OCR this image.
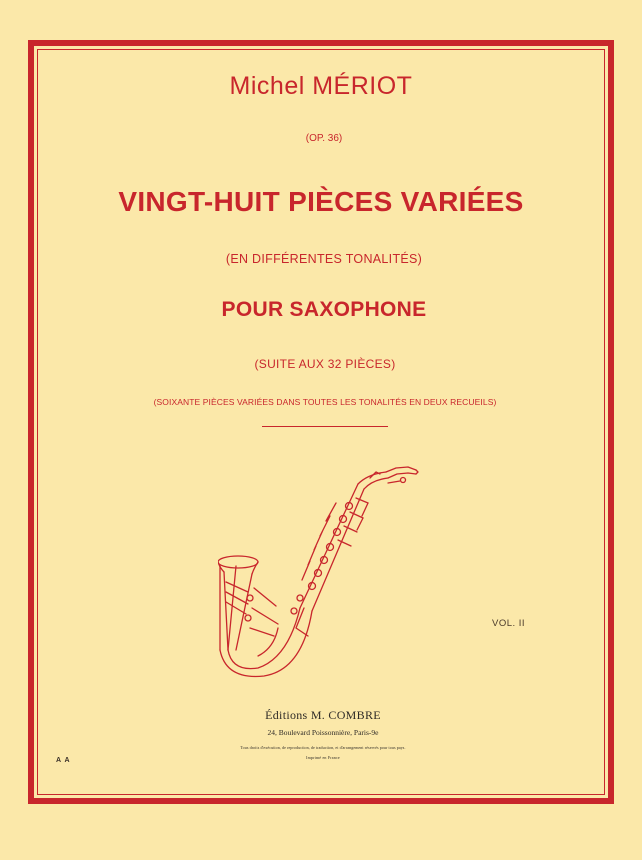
Michel MÉRIOT
(OP. 36)
VINGT-HUIT PIÈCES VARIÉES
(EN DIFFÉRENTES TONALITÉS)
POUR SAXOPHONE
(SUITE AUX 32 PIÈCES)
(SOIXANTE PIÈCES VARIÉES DANS TOUTES LES TONALITÉS EN DEUX RECUEILS)
VOL. II
A A
Éditions M. COMBRE
24, Boulevard Poissonnière, Paris-9e
Tous droits d'exécution, de reproduction, de traduction, et d'arrangement réservés pour tous pays.
Imprimé en France
